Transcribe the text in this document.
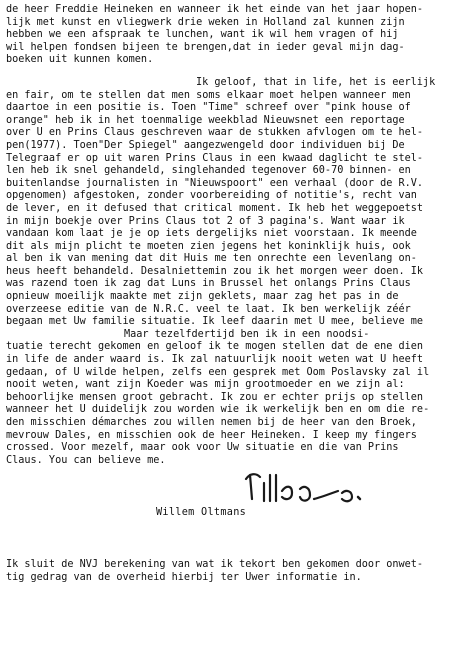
de heer Freddie Heineken en wanneer ik het einde van het jaar hopen-
lijk met kunst en vliegwerk drie weken in Holland zal kunnen zijn
hebben we een afspraak te lunchen, want ik wil hem vragen of hij
wil helpen fondsen bijeen te brengen,dat in ieder geval mijn dag-
boeken uit kunnen komen.
Ik geloof, that in life, het is eerlijk
en fair, om te stellen dat men soms elkaar moet helpen wanneer men
daartoe in een positie is. Toen "Time" schreef over "pink house of
orange" heb ik in het toenmalige weekblad Nieuwsnet een reportage
over U en Prins Claus geschreven waar de stukken afvlogen om te hel-
pen(1977). Toen"Der Spiegel" aangezwengeld door individuen bij De
Telegraaf er op uit waren Prins Claus in een kwaad daglicht te stel-
len heb ik snel gehandeld, singlehanded tegenover 60-70 binnen- en
buitenlandse journalisten in "Nieuwspoort" een verhaal (door de R.V.
opgenomen) afgestoken, zonder voorbereiding of notitie's, recht van
de lever, en it defused that critical moment. Ik heb het weggepoetst
in mijn boekje over Prins Claus tot 2 of 3 pagina's. Want waar ik
vandaan kom laat je je op iets dergelijks niet voorstaan. Ik meende
dit als mijn plicht te moeten zien jegens het koninklijk huis, ook
al ben ik van mening dat dit Huis me ten onrechte een levenlang on-
heus heeft behandeld. Desalniettemin zou ik het morgen weer doen. Ik
was razend toen ik zag dat Luns in Brussel het onlangs Prins Claus
opnieuw moeilijk maakte met zijn geklets, maar zag het pas in de
overzeese editie van de N.R.C. veel te laat. Ik ben werkelijk zéér
begaan met Uw familie situatie. Ik leef daarin met U mee, believe me
Maar tezelfdertijd ben ik in een noodsi-
tuatie terecht gekomen en geloof ik te mogen stellen dat de ene dien
in life de ander waard is. Ik zal natuurlijk nooit weten wat U heeft
gedaan, of U wilde helpen, zelfs een gesprek met Oom Poslavsky zal il
nooit weten, want zijn Koeder was mijn grootmoeder en we zijn al:
behoorlijke mensen groot gebracht. Ik zou er echter prijs op stellen
wanneer het U duidelijk zou worden wie ik werkelijk ben en om die re-
den misschien démarches zou willen nemen bij de heer van den Broek,
mevrouw Dales, en misschien ook de heer Heineken. I keep my fingers
crossed. Voor mezelf, maar ook voor Uw situatie en die van Prins
Claus. You can believe me.
Willem Oltmans
Ik sluit de NVJ berekening van wat ik tekort ben gekomen door onwet-
tig gedrag van de overheid hierbij ter Uwer informatie in.
